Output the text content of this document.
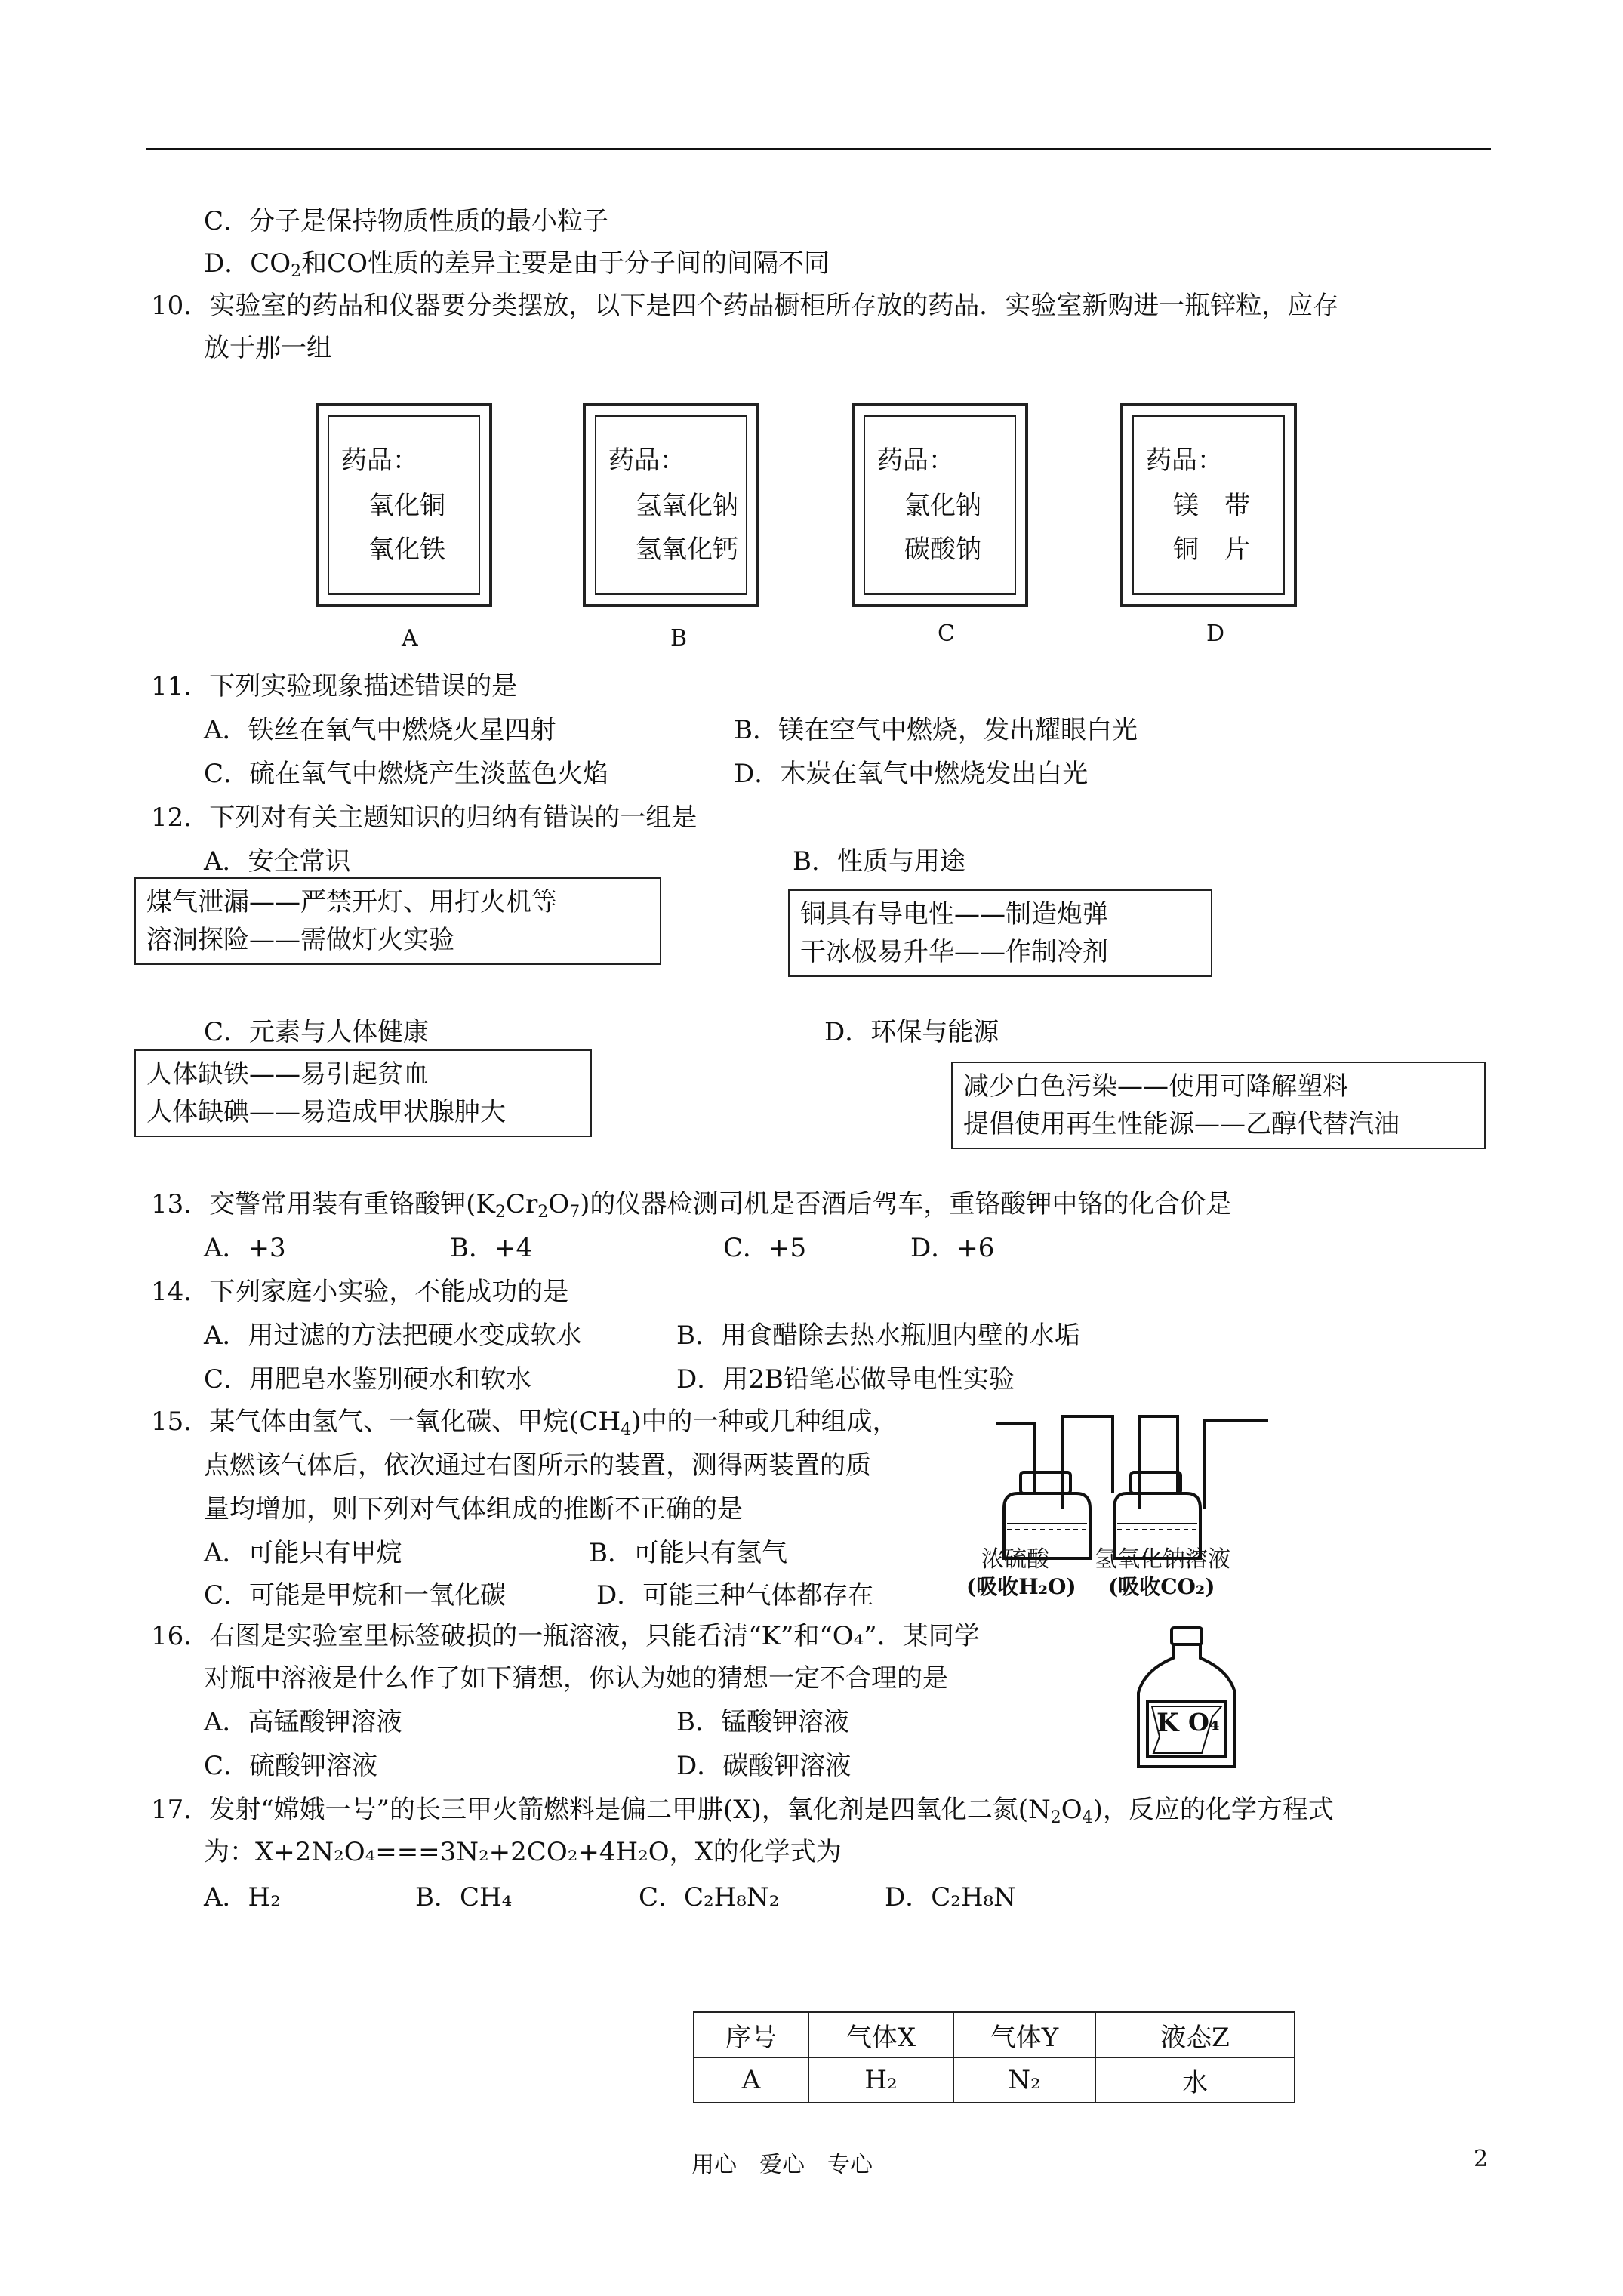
C．分子是保持物质性质的最小粒子
D．$CO_2$和CO性质的差异主要是由于分子间的间隔不同
10．实验室的药品和仪器要分类摆放，以下是四个药品橱柜所存放的药品．实验室新购进一瓶锌粒，应存
放于那一组
药品：
氧化铜
氧化铁
药品：
氢氧化钠
氢氧化钙
药品：
氯化钠
碳酸钠
药品：
镁　带
铜　片
A	B	C	D
11．下列实验现象描述错误的是
A．铁丝在氧气中燃烧火星四射	B．镁在空气中燃烧，发出耀眼白光
C．硫在氧气中燃烧产生淡蓝色火焰	D．木炭在氧气中燃烧发出白光
12．下列对有关主题知识的归纳有错误的一组是
A．安全常识	B．性质与用途
煤气泄漏——严禁开灯、用打火机等
溶洞探险——需做灯火实验
铜具有导电性——制造炮弹
干冰极易升华——作制冷剂
C．元素与人体健康	D．环保与能源
人体缺铁——易引起贫血
人体缺碘——易造成甲状腺肿大
减少白色污染——使用可降解塑料
提倡使用再生性能源——乙醇代替汽油
13．交警常用装有重铬酸钾$(K_2Cr_2O_7)$的仪器检测司机是否酒后驾车，重铬酸钾中铬的化合价是
A．+3	B．+4	C．+5	D．+6
14．下列家庭小实验，不能成功的是
A．用过滤的方法把硬水变成软水	B．用食醋除去热水瓶胆内壁的水垢
C．用肥皂水鉴别硬水和软水	D．用2B铅笔芯做导电性实验
15．某气体由氢气、一氧化碳、甲烷$(CH_4)$中的一种或几种组成，
点燃该气体后，依次通过右图所示的装置，测得两装置的质
量均增加，则下列对气体组成的推断不正确的是
A．可能只有甲烷	B．可能只有氢气
C．可能是甲烷和一氧化碳	D．可能三种气体都存在
浓硫酸
(吸收H₂O)
氢氧化钠溶液
(吸收CO₂)
16．右图是实验室里标签破损的一瓶溶液，只能看清“K”和“O₄”．某同学
对瓶中溶液是什么作了如下猜想，你认为她的猜想一定不合理的是
A．高锰酸钾溶液	B．锰酸钾溶液
C．硫酸钾溶液	D．碳酸钾溶液
K O₄
17．发射“嫦娥一号”的长三甲火箭燃料是偏二甲肼(X)，氧化剂是四氧化二氮$(N_2O_4)$，反应的化学方程式
为：X+2N₂O₄===3N₂+2CO₂+4H₂O，X的化学式为
A．H₂	B．CH₄	C．C₂H₈N₂	D．C₂H₈N
序号	气体X	气体Y	液态Z
A	H₂	N₂	水
用心　爱心　专心	2
